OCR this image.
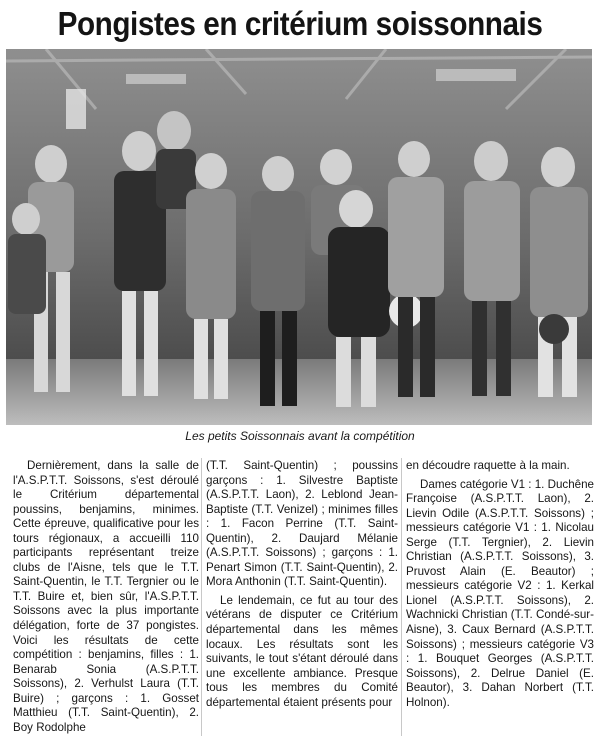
Pongistes en critérium soissonnais

Les petits Soissonnais avant la compétition

Dernièrement, dans la salle de l'A.S.P.T.T. Soissons, s'est déroulé le Critérium départemental poussins, benjamins, minimes. Cette épreuve, qualificative pour les tours régionaux, a accueilli 110 participants représentant treize clubs de l'Aisne, tels que le T.T. Saint-Quentin, le T.T. Tergnier ou le T.T. Buire et, bien sûr, l'A.S.P.T.T. Soissons avec la plus importante délégation, forte de 37 pongistes. Voici les résultats de cette compétition : benjamins, filles : 1. Benarab Sonia (A.S.P.T.T. Soissons), 2. Verhulst Laura (T.T. Buire) ; garçons : 1. Gosset Matthieu (T.T. Saint-Quentin), 2. Boy Rodolphe

(T.T. Saint-Quentin) ; poussins garçons : 1. Silvestre Baptiste (A.S.P.T.T. Laon), 2. Leblond Jean-Baptiste (T.T. Venizel) ; minimes filles : 1. Facon Perrine (T.T. Saint-Quentin), 2. Daujard Mélanie (A.S.P.T.T. Soissons) ; garçons : 1. Penart Simon (T.T. Saint-Quentin), 2. Mora Anthonin (T.T. Saint-Quentin).

Le lendemain, ce fut au tour des vétérans de disputer ce Critérium départemental dans les mêmes locaux. Les résultats sont les suivants, le tout s'étant déroulé dans une excellente ambiance. Presque tous les membres du Comité départemental étaient présents pour

en découdre raquette à la main.

Dames catégorie V1 : 1. Duchêne Françoise (A.S.P.T.T. Laon), 2. Lievin Odile (A.S.P.T.T. Soissons) ; messieurs catégorie V1 : 1. Nicolau Serge (T.T. Tergnier), 2. Lievin Christian (A.S.P.T.T. Soissons), 3. Pruvost Alain (E. Beautor) ; messieurs catégorie V2 : 1. Kerkal Lionel (A.S.P.T.T. Soissons), 2. Wachnicki Christian (T.T. Condé-sur-Aisne), 3. Caux Bernard (A.S.P.T.T. Soissons) ; messieurs catégorie V3 : 1. Bouquet Georges (A.S.P.T.T. Soissons), 2. Delrue Daniel (E. Beautor), 3. Dahan Norbert (T.T. Holnon).
